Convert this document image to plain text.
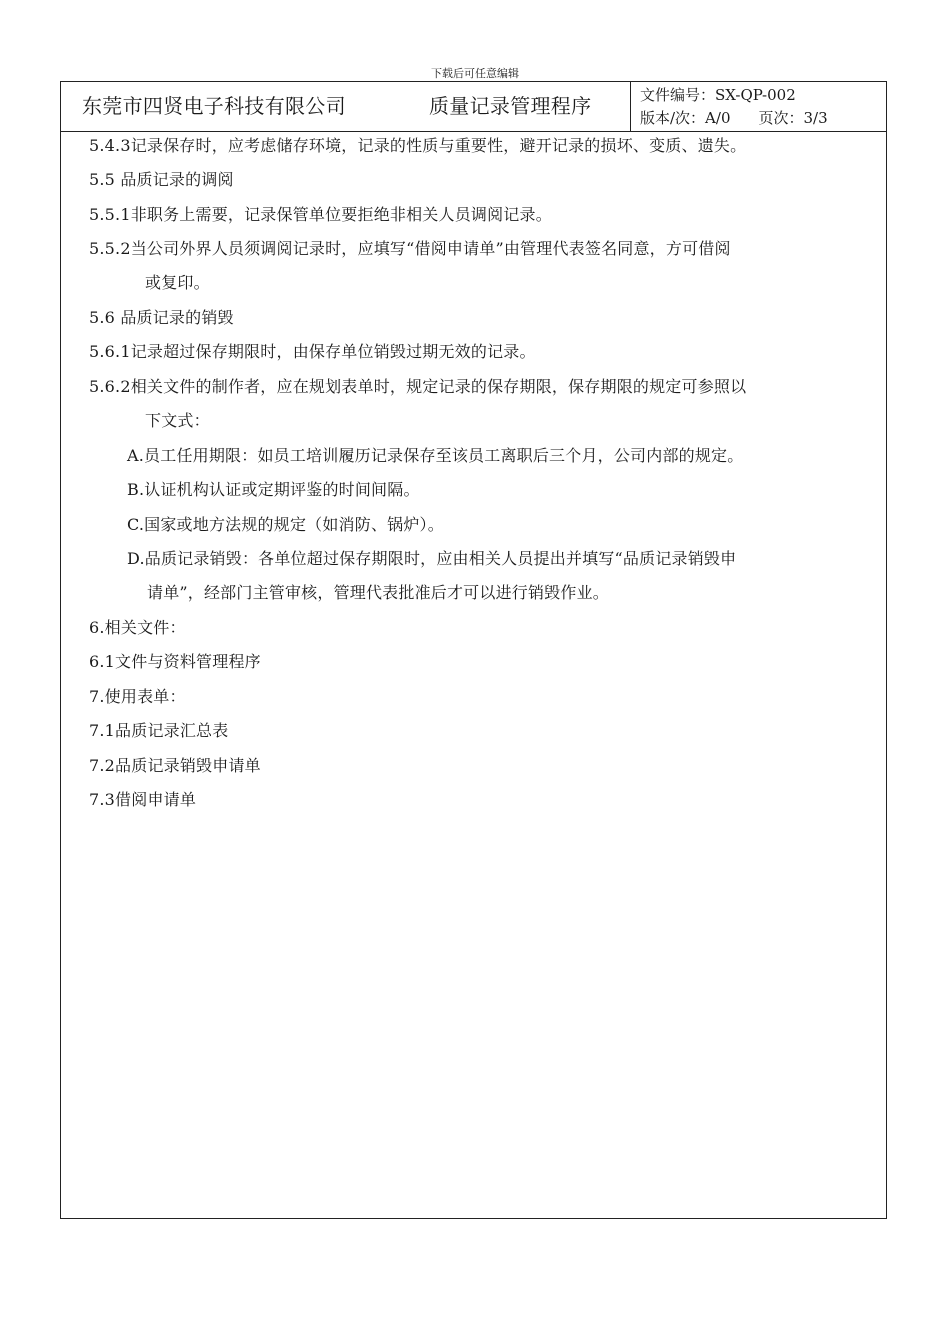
下载后可任意编辑
东莞市四贤电子科技有限公司	质量记录管理程序	文件编号：SX-QP-002
版本/次：A/0 页次：3/3
5.4.3记录保存时，应考虑储存环境，记录的性质与重要性，避开记录的损坏、变质、遗失。
5.5 品质记录的调阅
5.5.1非职务上需要，记录保管单位要拒绝非相关人员调阅记录。
5.5.2当公司外界人员须调阅记录时，应填写“借阅申请单”由管理代表签名同意，方可借阅
或复印。
5.6 品质记录的销毁
5.6.1记录超过保存期限时，由保存单位销毁过期无效的记录。
5.6.2相关文件的制作者，应在规划表单时，规定记录的保存期限，保存期限的规定可参照以
下文式：
A.员工任用期限：如员工培训履历记录保存至该员工离职后三个月，公司内部的规定。
B.认证机构认证或定期评鉴的时间间隔。
C.国家或地方法规的规定（如消防、锅炉）。
D.品质记录销毁：各单位超过保存期限时，应由相关人员提出并填写“品质记录销毁申
请单”，经部门主管审核，管理代表批准后才可以进行销毁作业。
6.相关文件：
6.1文件与资料管理程序
7.使用表单：
7.1品质记录汇总表
7.2品质记录销毁申请单
7.3借阅申请单
